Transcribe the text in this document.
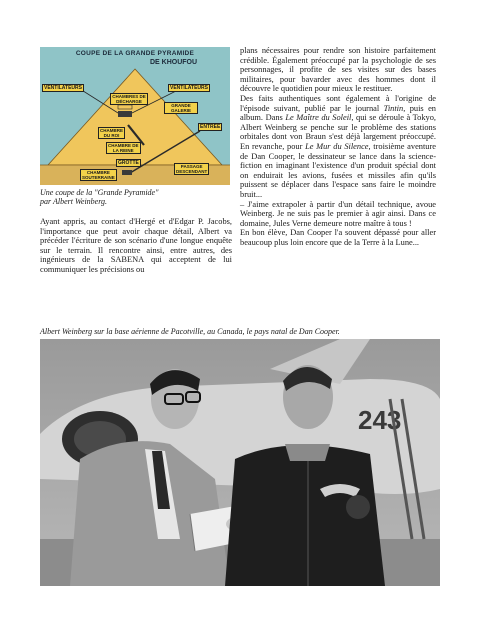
COUPE DE LA GRANDE PYRAMIDE
DE KHOUFOU
VENTILATEURS	VENTILATEURS
CHAMBRES DE DÉCHARGE
GRANDE GALERIE
ENTRÉE
CHAMBRE
DU ROI
CHAMBRE DE
LA REINE
GROTTE
PASSAGE
DESCENDANT
CHAMBRE
SOUTERRAINE
Une coupe de la "Grande Pyramide"
par Albert Weinberg.

Ayant appris, au contact d'Hergé et d'Edgar P. Jacobs, l'importance que peut avoir chaque détail, Albert va précéder l'écriture de son scénario d'une longue enquête sur le terrain. Il rencontre ainsi, entre autres, des ingénieurs de la SABENA qui acceptent de lui communiquer les précisions ou

plans nécessaires pour rendre son histoire parfaitement crédible. Également préoccupé par la psychologie de ses personnages, il profite de ses visites sur des bases militaires, pour bavarder avec des hommes dont il découvre le quotidien pour mieux le restituer.

Des faits authentiques sont également à l'origine de l'épisode suivant, publié par le journal Tintin, puis en album. Dans Le Maître du Soleil, qui se déroule à Tokyo, Albert Weinberg se penche sur le problème des stations orbitales dont von Braun s'est déjà largement préoccupé. En revanche, pour Le Mur du Silence, troisième aventure de Dan Cooper, le dessinateur se lance dans la science-fiction en imaginant l'existence d'un produit spécial dont on enduirait les avions, fusées et missiles afin qu'ils puissent se déplacer dans l'espace sans faire le moindre bruit...

– J'aime extrapoler à partir d'un détail technique, avoue Weinberg. Je ne suis pas le premier à agir ainsi. Dans ce domaine, Jules Verne demeure notre maître à tous !

En bon élève, Dan Cooper l'a souvent dépassé pour aller beaucoup plus loin encore que de la Terre à la Lune...

Albert Weinberg sur la base aérienne de Pacotville, au Canada, le pays natal de Dan Cooper.
243
